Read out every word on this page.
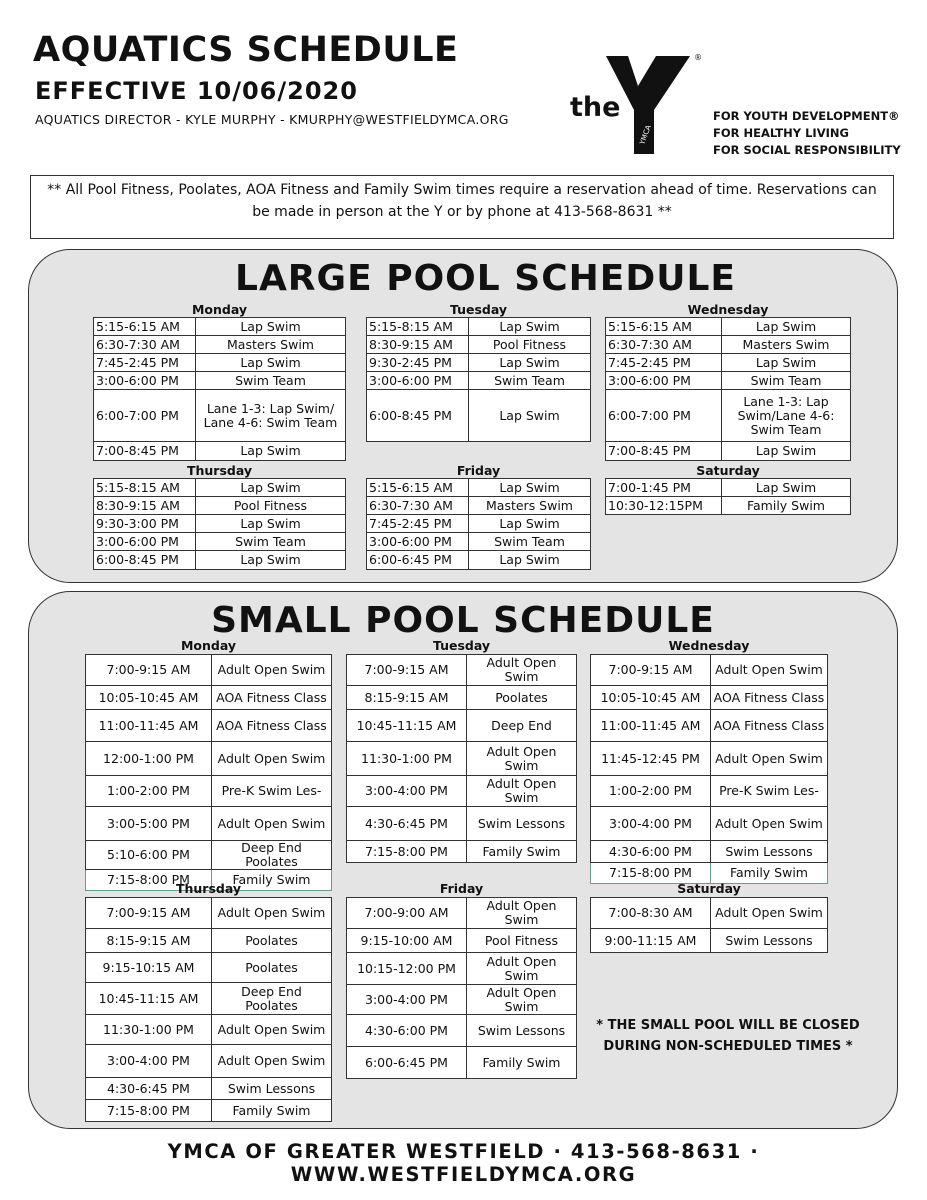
AQUATICS SCHEDULE
EFFECTIVE 10/06/2020
AQUATICS DIRECTOR - KYLE MURPHY - KMURPHY@WESTFIELDYMCA.ORG the
YMCA
®
FOR YOUTH DEVELOPMENT®
FOR HEALTHY LIVING
FOR SOCIAL RESPONSIBILITY
** All Pool Fitness, Poolates, AOA Fitness and Family Swim times require a reservation ahead of time. Reservations can be made in person at the Y or by phone at 413-568-8631 **
LARGE POOL SCHEDULE
Monday
5:15-6:15 AM	Lap Swim
6:30-7:30 AM	Masters Swim
7:45-2:45 PM	Lap Swim
3:00-6:00 PM	Swim Team
6:00-7:00 PM	Lane 1-3: Lap Swim/ Lane 4-6: Swim Team
7:00-8:45 PM	Lap Swim
Tuesday
5:15-8:15 AM	Lap Swim
8:30-9:15 AM	Pool Fitness
9:30-2:45 PM	Lap Swim
3:00-6:00 PM	Swim Team
6:00-8:45 PM	Lap Swim
Wednesday
5:15-6:15 AM	Lap Swim
6:30-7:30 AM	Masters Swim
7:45-2:45 PM	Lap Swim
3:00-6:00 PM	Swim Team
6:00-7:00 PM	Lane 1-3: Lap Swim/Lane 4-6: Swim Team
7:00-8:45 PM	Lap Swim
Thursday
5:15-8:15 AM	Lap Swim
8:30-9:15 AM	Pool Fitness
9:30-3:00 PM	Lap Swim
3:00-6:00 PM	Swim Team
6:00-8:45 PM	Lap Swim
Friday
5:15-6:15 AM	Lap Swim
6:30-7:30 AM	Masters Swim
7:45-2:45 PM	Lap Swim
3:00-6:00 PM	Swim Team
6:00-6:45 PM	Lap Swim
Saturday
7:00-1:45 PM	Lap Swim
10:30-12:15PM	Family Swim
SMALL POOL SCHEDULE
Monday
7:00-9:15 AM	Adult Open Swim
10:05-10:45 AM	AOA Fitness Class
11:00-11:45 AM	AOA Fitness Class
12:00-1:00 PM	Adult Open Swim
1:00-2:00 PM	Pre-K Swim Les-
3:00-5:00 PM	Adult Open Swim
5:10-6:00 PM	Deep End Poolates
7:15-8:00 PM	Family Swim
Tuesday
7:00-9:15 AM	Adult Open Swim
8:15-9:15 AM	Poolates
10:45-11:15 AM	Deep End
11:30-1:00 PM	Adult Open Swim
3:00-4:00 PM	Adult Open Swim
4:30-6:45 PM	Swim Lessons
7:15-8:00 PM	Family Swim
Wednesday
7:00-9:15 AM	Adult Open Swim
10:05-10:45 AM	AOA Fitness Class
11:00-11:45 AM	AOA Fitness Class
11:45-12:45 PM	Adult Open Swim
1:00-2:00 PM	Pre-K Swim Les-
3:00-4:00 PM	Adult Open Swim
4:30-6:00 PM	Swim Lessons
7:15-8:00 PM	Family Swim
Thursday
7:00-9:15 AM	Adult Open Swim
8:15-9:15 AM	Poolates
9:15-10:15 AM	Poolates
10:45-11:15 AM	Deep End Poolates
11:30-1:00 PM	Adult Open Swim
3:00-4:00 PM	Adult Open Swim
4:30-6:45 PM	Swim Lessons
7:15-8:00 PM	Family Swim
Friday
7:00-9:00 AM	Adult Open Swim
9:15-10:00 AM	Pool Fitness
10:15-12:00 PM	Adult Open Swim
3:00-4:00 PM	Adult Open Swim
4:30-6:00 PM	Swim Lessons
6:00-6:45 PM	Family Swim
Saturday
7:00-8:30 AM	Adult Open Swim
9:00-11:15 AM	Swim Lessons
* THE SMALL POOL WILL BE CLOSED
DURING NON-SCHEDULED TIMES *
YMCA OF GREATER WESTFIELD · 413-568-8631 · WWW.WESTFIELDYMCA.ORG
